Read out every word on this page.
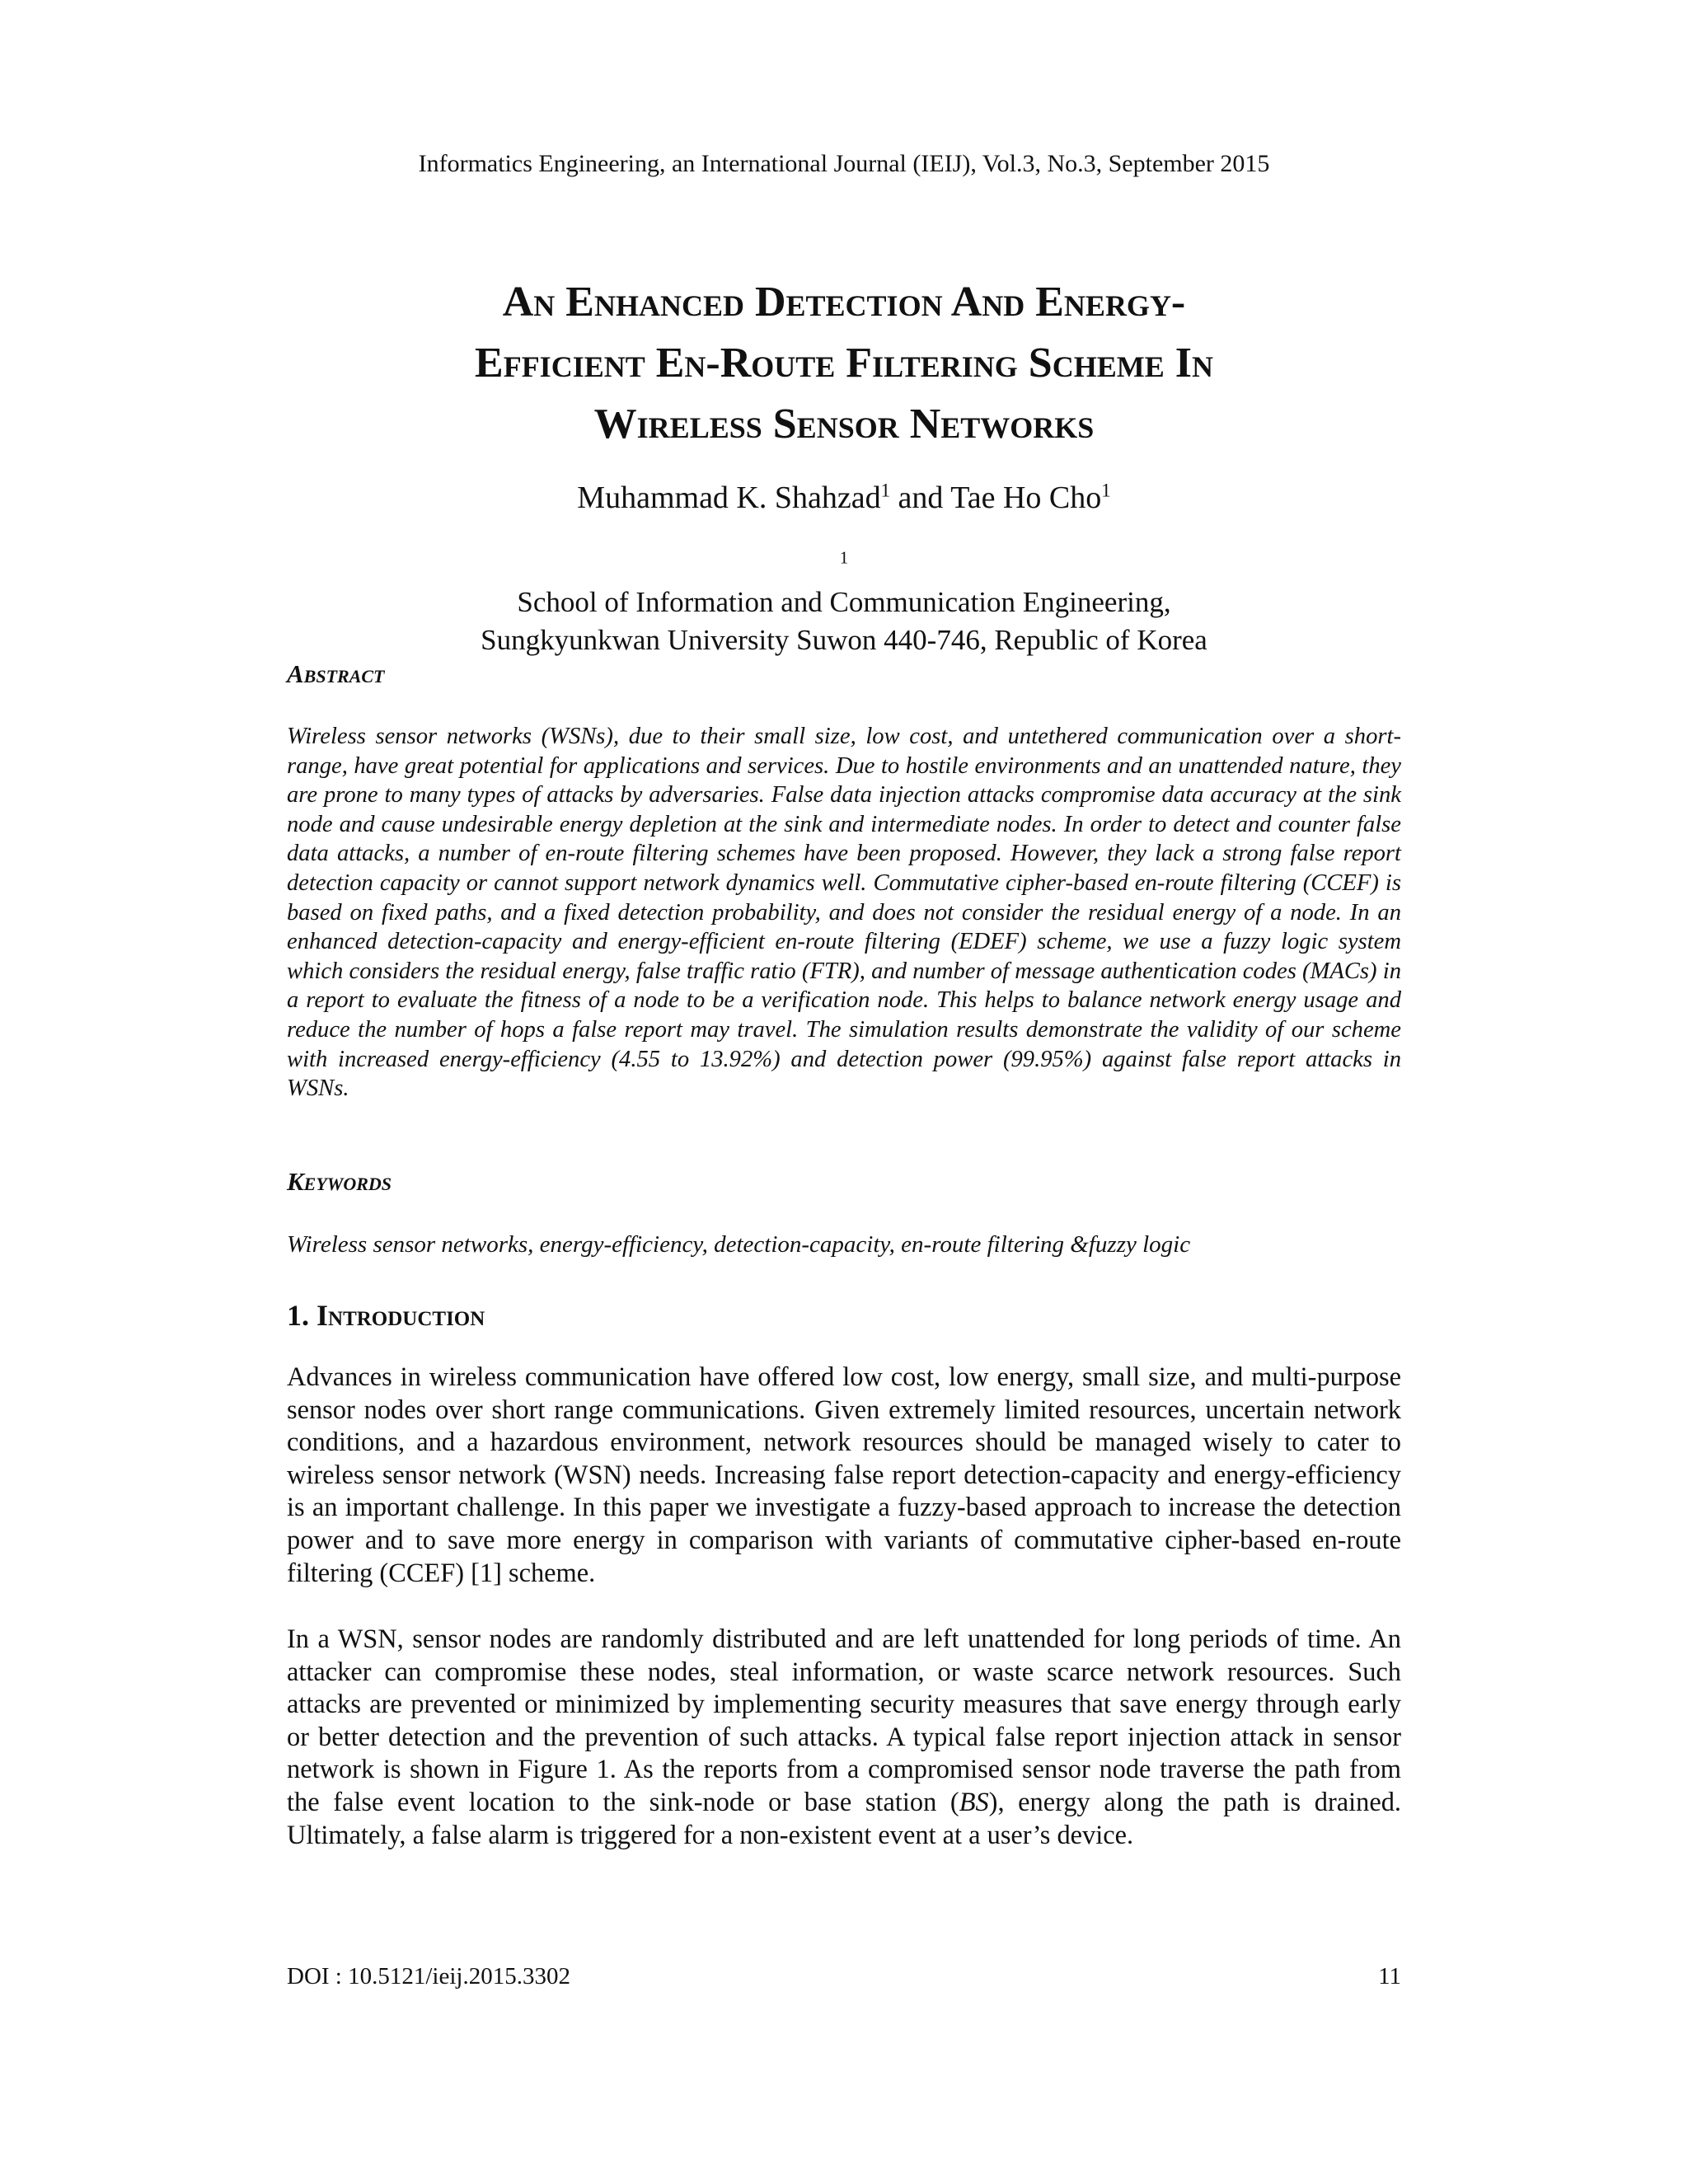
Informatics Engineering, an International Journal (IEIJ), Vol.3, No.3, September 2015
An Enhanced Detection And Energy-
Efficient En-Route Filtering Scheme In
Wireless Sensor Networks
Muhammad K. Shahzad$^1$ and Tae Ho Cho$^1$
$^1$
School of Information and Communication Engineering,
Sungkyunkwan University Suwon 440-746, Republic of Korea
Abstract
Wireless sensor networks (WSNs), due to their small size, low cost, and untethered communication over a short-range, have great potential for applications and services. Due to hostile environments and an unattended nature, they are prone to many types of attacks by adversaries. False data injection attacks compromise data accuracy at the sink node and cause undesirable energy depletion at the sink and intermediate nodes. In order to detect and counter false data attacks, a number of en-route filtering schemes have been proposed. However, they lack a strong false report detection capacity or cannot support network dynamics well. Commutative cipher-based en-route filtering (CCEF) is based on fixed paths, and a fixed detection probability, and does not consider the residual energy of a node. In an enhanced detection-capacity and energy-efficient en-route filtering (EDEF) scheme, we use a fuzzy logic system which considers the residual energy, false traffic ratio (FTR), and number of message authentication codes (MACs) in a report to evaluate the fitness of a node to be a verification node. This helps to balance network energy usage and reduce the number of hops a false report may travel. The simulation results demonstrate the validity of our scheme with increased energy-efficiency (4.55 to 13.92%) and detection power (99.95%) against false report attacks in WSNs.
Keywords
Wireless sensor networks, energy-efficiency, detection-capacity, en-route filtering &fuzzy logic
1. Introduction

Advances in wireless communication have offered low cost, low energy, small size, and multi-purpose sensor nodes over short range communications. Given extremely limited resources, uncertain network conditions, and a hazardous environment, network resources should be managed wisely to cater to wireless sensor network (WSN) needs. Increasing false report detection-capacity and energy-efficiency is an important challenge. In this paper we investigate a fuzzy-based approach to increase the detection power and to save more energy in comparison with variants of commutative cipher-based en-route filtering (CCEF) [1] scheme.

In a WSN, sensor nodes are randomly distributed and are left unattended for long periods of time. An attacker can compromise these nodes, steal information, or waste scarce network resources. Such attacks are prevented or minimized by implementing security measures that save energy through early or better detection and the prevention of such attacks. A typical false report injection attack in sensor network is shown in Figure 1. As the reports from a compromised sensor node traverse the path from the false event location to the sink-node or base station (BS), energy along the path is drained. Ultimately, a false alarm is triggered for a non-existent event at a user’s device.

DOI : 10.5121/ieij.2015.3302	11
